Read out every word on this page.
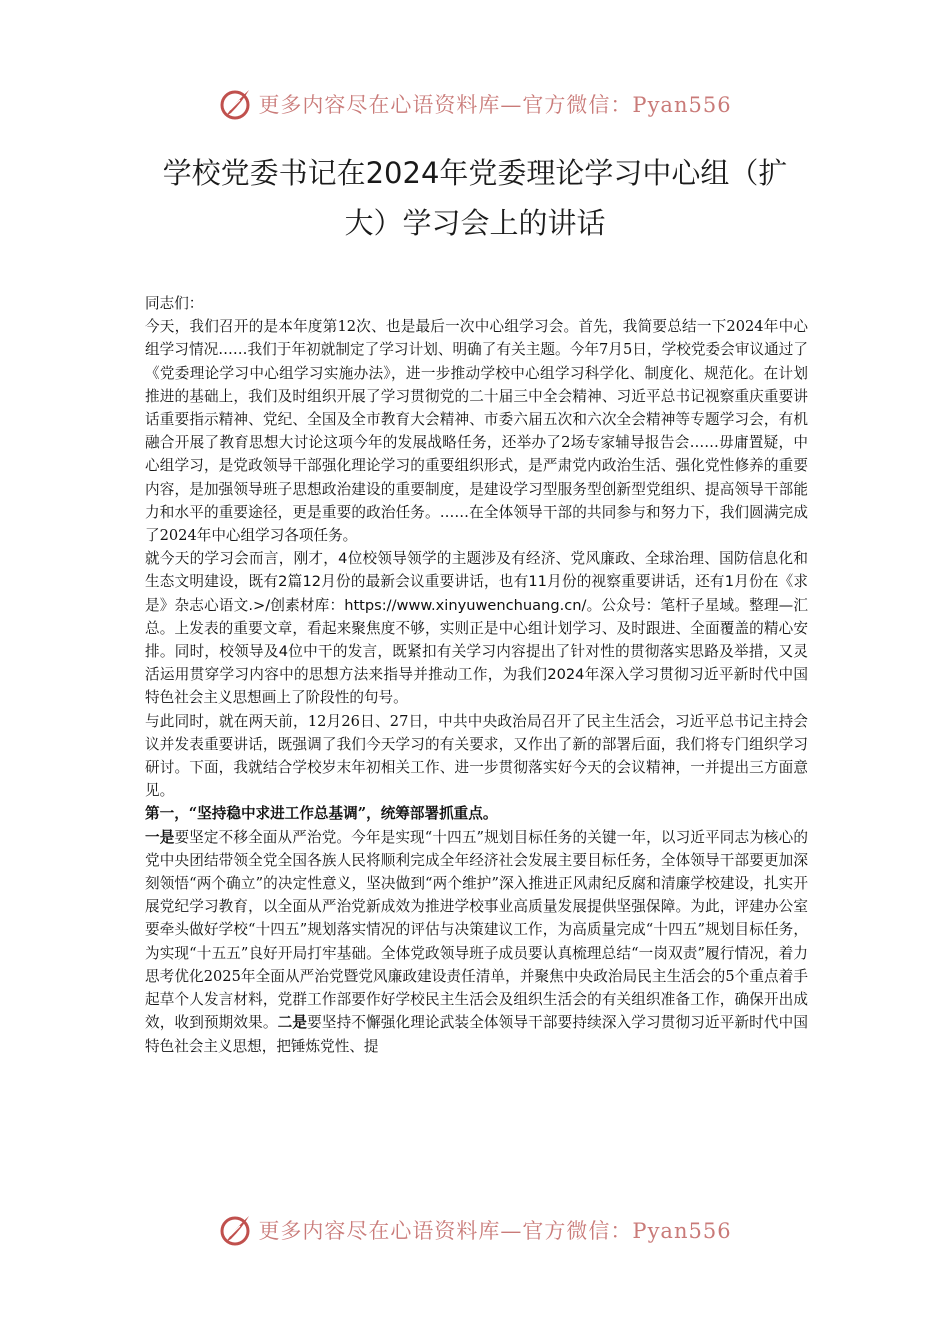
更多内容尽在心语资料库—官方微信：Pyan556
学校党委书记在2024年党委理论学习中心组（扩大）学习会上的讲话

同志们：

今天，我们召开的是本年度第12次、也是最后一次中心组学习会。首先，我简要总结一下2024年中心组学习情况……我们于年初就制定了学习计划、明确了有关主题。今年7月5日，学校党委会审议通过了《党委理论学习中心组学习实施办法》，进一步推动学校中心组学习科学化、制度化、规范化。在计划推进的基础上，我们及时组织开展了学习贯彻党的二十届三中全会精神、习近平总书记视察重庆重要讲话重要指示精神、党纪、全国及全市教育大会精神、市委六届五次和六次全会精神等专题学习会，有机融合开展了教育思想大讨论这项今年的发展战略任务，还举办了2场专家辅导报告会……毋庸置疑，中心组学习，是党政领导干部强化理论学习的重要组织形式，是严肃党内政治生活、强化党性修养的重要内容，是加强领导班子思想政治建设的重要制度，是建设学习型服务型创新型党组织、提高领导干部能力和水平的重要途径，更是重要的政治任务。……在全体领导干部的共同参与和努力下，我们圆满完成了2024年中心组学习各项任务。

就今天的学习会而言，刚才，4位校领导领学的主题涉及有经济、党风廉政、全球治理、国防信息化和生态文明建设，既有2篇12月份的最新会议重要讲话，也有11月份的视察重要讲话，还有1月份在《求是》杂志心语文.>/创素材库：https://www.xinyuwenchuang.cn/。公众号：笔杆子星域。整理—汇总。上发表的重要文章，看起来聚焦度不够，实则正是中心组计划学习、及时跟进、全面覆盖的精心安排。同时，校领导及4位中干的发言，既紧扣有关学习内容提出了针对性的贯彻落实思路及举措，又灵活运用贯穿学习内容中的思想方法来指导并推动工作，为我们2024年深入学习贯彻习近平新时代中国特色社会主义思想画上了阶段性的句号。

与此同时，就在两天前，12月26日、27日，中共中央政治局召开了民主生活会，习近平总书记主持会议并发表重要讲话，既强调了我们今天学习的有关要求，又作出了新的部署后面，我们将专门组织学习研讨。下面，我就结合学校岁末年初相关工作、进一步贯彻落实好今天的会议精神，一并提出三方面意见。

第一，“坚持稳中求进工作总基调”，统筹部署抓重点。

一是要坚定不移全面从严治党。今年是实现“十四五”规划目标任务的关键一年，以习近平同志为核心的党中央团结带领全党全国各族人民将顺利完成全年经济社会发展主要目标任务，全体领导干部要更加深刻领悟“两个确立”的决定性意义，坚决做到“两个维护”深入推进正风肃纪反腐和清廉学校建设，扎实开展党纪学习教育，以全面从严治党新成效为推进学校事业高质量发展提供坚强保障。为此，评建办公室要牵头做好学校“十四五”规划落实情况的评估与决策建议工作，为高质量完成“十四五”规划目标任务，为实现“十五五”良好开局打牢基础。全体党政领导班子成员要认真梳理总结“一岗双责”履行情况，着力思考优化2025年全面从严治党暨党风廉政建设责任清单，并聚焦中央政治局民主生活会的5个重点着手起草个人发言材料，党群工作部要作好学校民主生活会及组织生活会的有关组织准备工作，确保开出成效，收到预期效果。二是要坚持不懈强化理论武装全体领导干部要持续深入学习贯彻习近平新时代中国特色社会主义思想，把锤炼党性、提

更多内容尽在心语资料库—官方微信：Pyan556
